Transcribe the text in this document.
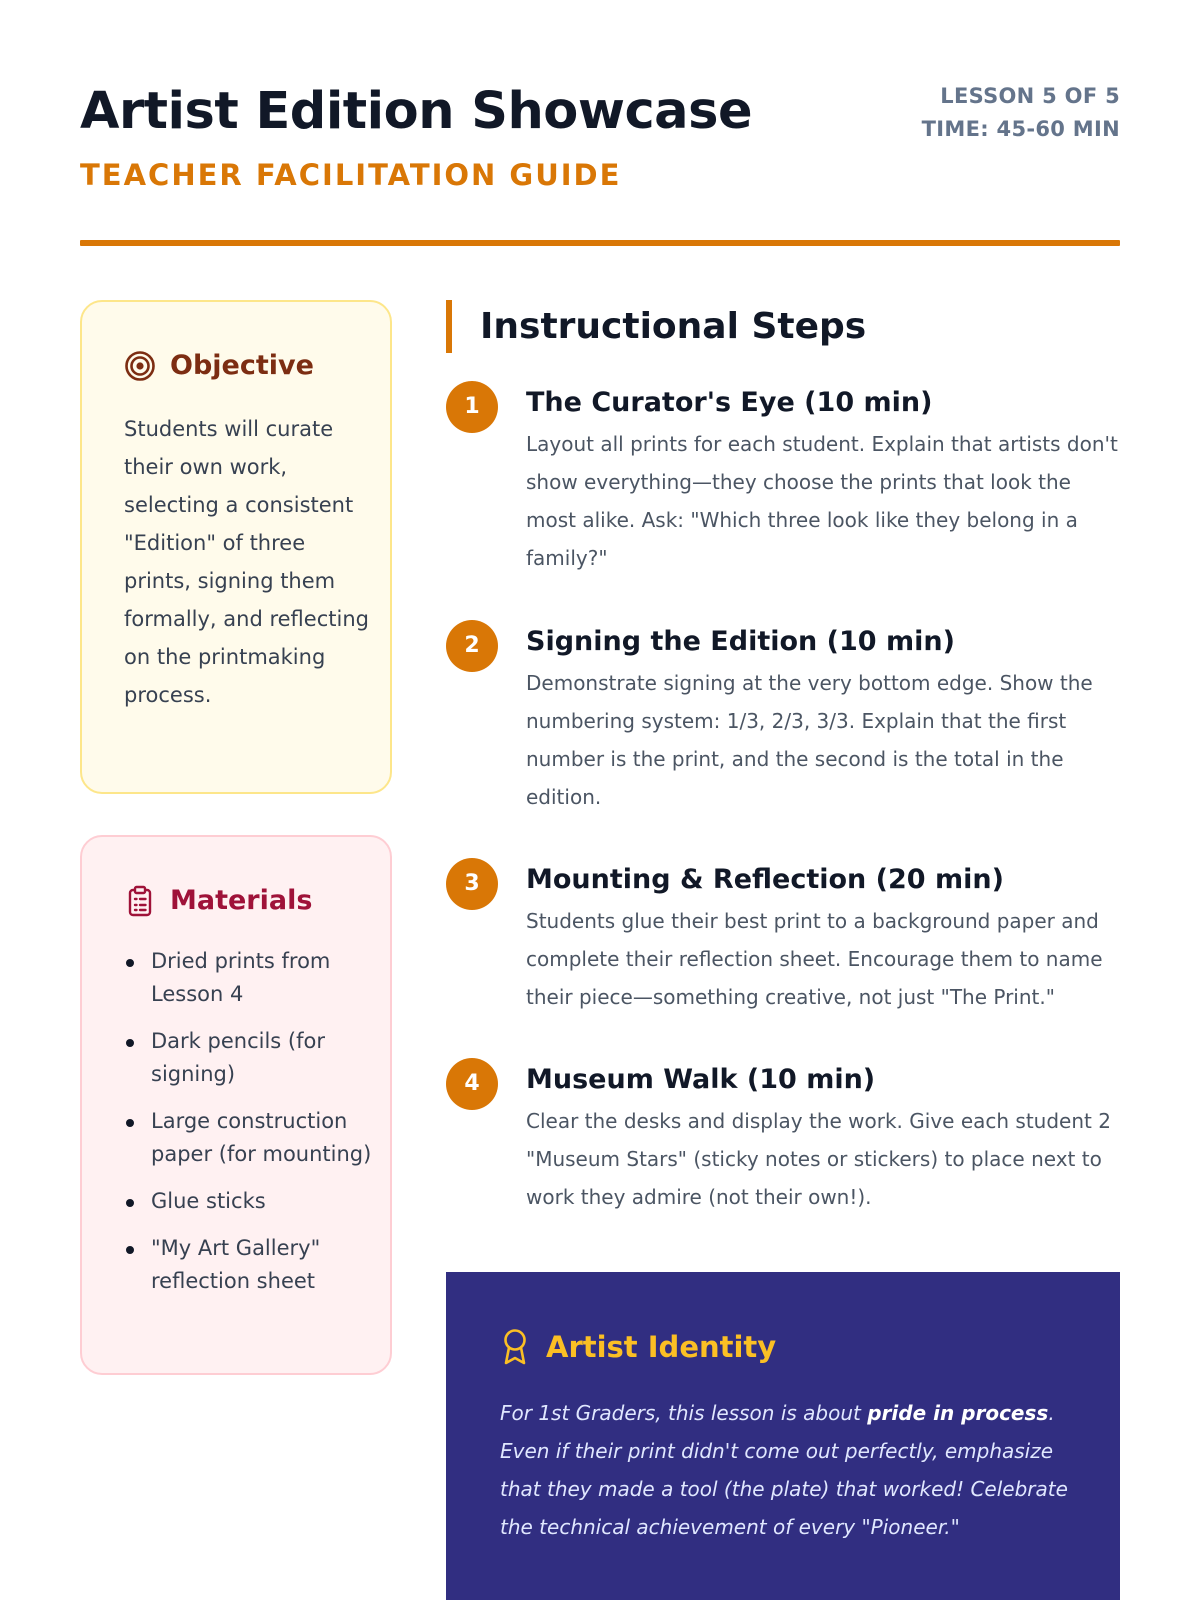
Artist Edition Showcase
TEACHER FACILITATION GUIDE
LESSON 5 OF 5
TIME: 45-60 MIN
Objective
Students will curate their own work, selecting a consistent "Edition" of three prints, signing them formally, and reflecting on the printmaking process.
Materials
Dried prints from Lesson 4
Dark pencils (for signing)
Large construction paper (for mounting)
Glue sticks
"My Art Gallery" reflection sheet
Instructional Steps
1	The Curator's Eye (10 min)
Layout all prints for each student. Explain that artists don't show everything—they choose the prints that look the most alike. Ask: "Which three look like they belong in a family?"
2	Signing the Edition (10 min)
Demonstrate signing at the very bottom edge. Show the numbering system: 1/3, 2/3, 3/3. Explain that the first number is the print, and the second is the total in the edition.
3	Mounting & Reflection (20 min)
Students glue their best print to a background paper and complete their reflection sheet. Encourage them to name their piece—something creative, not just "The Print."
4	Museum Walk (10 min)
Clear the desks and display the work. Give each student 2 "Museum Stars" (sticky notes or stickers) to place next to work they admire (not their own!).
Artist Identity
For 1st Graders, this lesson is about pride in process. Even if their print didn't come out perfectly, emphasize that they made a tool (the plate) that worked! Celebrate the technical achievement of every "Pioneer."
